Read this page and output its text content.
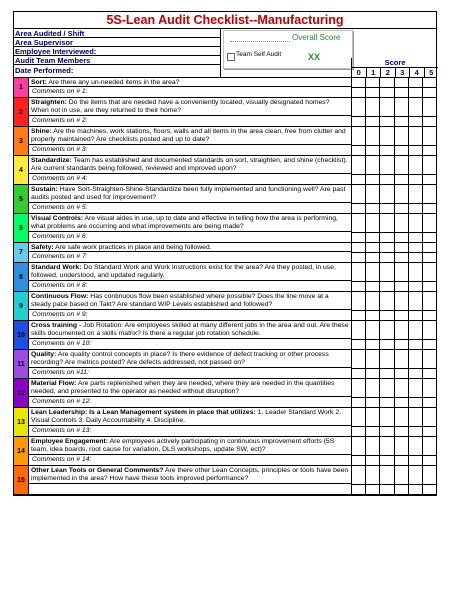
5S-Lean Audit Checklist--Manufacturing
Area Audited / Shift
Area Supervisor
Employee Interviewed:
Audit Team Members
Date Performed:
Overall Score
Team Self Audit	XX
Score
0	1	2	3	4	5
1
Sort: Are there any un-needed items in the area?
Comments on # 1:
2
Straighten: Do the items that are needed have a conveniently located, visually designated homes? When not in use, are they returned to their home?
Comments on # 2:
3
Shine: Are the machines, work stations, floors, walls and all items in the area clean, free from clutter and properly maintained? Are checklists posted and up to date?
Comments on # 3:
4
Standardize: Team has established and documented standards on sort, straighten, and shine (checklist). Are current standards being followed, reviewed and improved upon?
Comments on # 4:
5
Sustain: Have Sort-Straighten-Shine-Standardize been fully implemented and functioning well? Are past audits posted and used for improvement?
Comments on # 5:
6
Visual Controls: Are visual aides in use, up to date and effective in telling how the area is performing, what problems are occurring and what improvements are being made?
Comments on # 6:
7
Safety: Are safe work practices in place and being followed.
Comments on # 7:
8
Standard Work: Do Standard Work and Work Instructions exist for the area? Are they posted, in use, followed, understood, and updated regularly.
Comments on # 8:
9
Continuous Flow: Has continuous flow been established where possible? Does the line move at a steady pace based on Takt? Are standard WIP Levels established and followed?
Comments on # 9:
10
Cross training - Job Rotation: Are employees skilled at many different jobs in the area and out. Are these skills documented on a skills matrix? Is there a regular job rotation schedule.
Comments on # 10:
11
Quality: Are quality control concepts in place? Is there evidence of defect tracking or other process recording? Are metrics posted? Are defects addressed, not passed on?
Comments on #11:
12
Material Flow: Are parts replenished when they are needed, where they are needed in the quantities needed, and presented to the operator as needed without disruption?
Comments on # 12:
13
Lean Leadership: Is a Lean Management system in place that utilizes: 1. Leader Standard Work 2. Visual Controls 3. Daily Accountability 4. Discipline.
Comments on # 13:
14
Employee Engagement: Are employees actively participating in continuous improvement efforts (5S team, idea boards, root cause for variation, DLS workshops, update SW, ect)?
Comments on # 14:
15
Other Lean Tools or General Comments? Are there other Lean Concepts, principles or tools have been implemented in the area? How have these tools improved performance?
